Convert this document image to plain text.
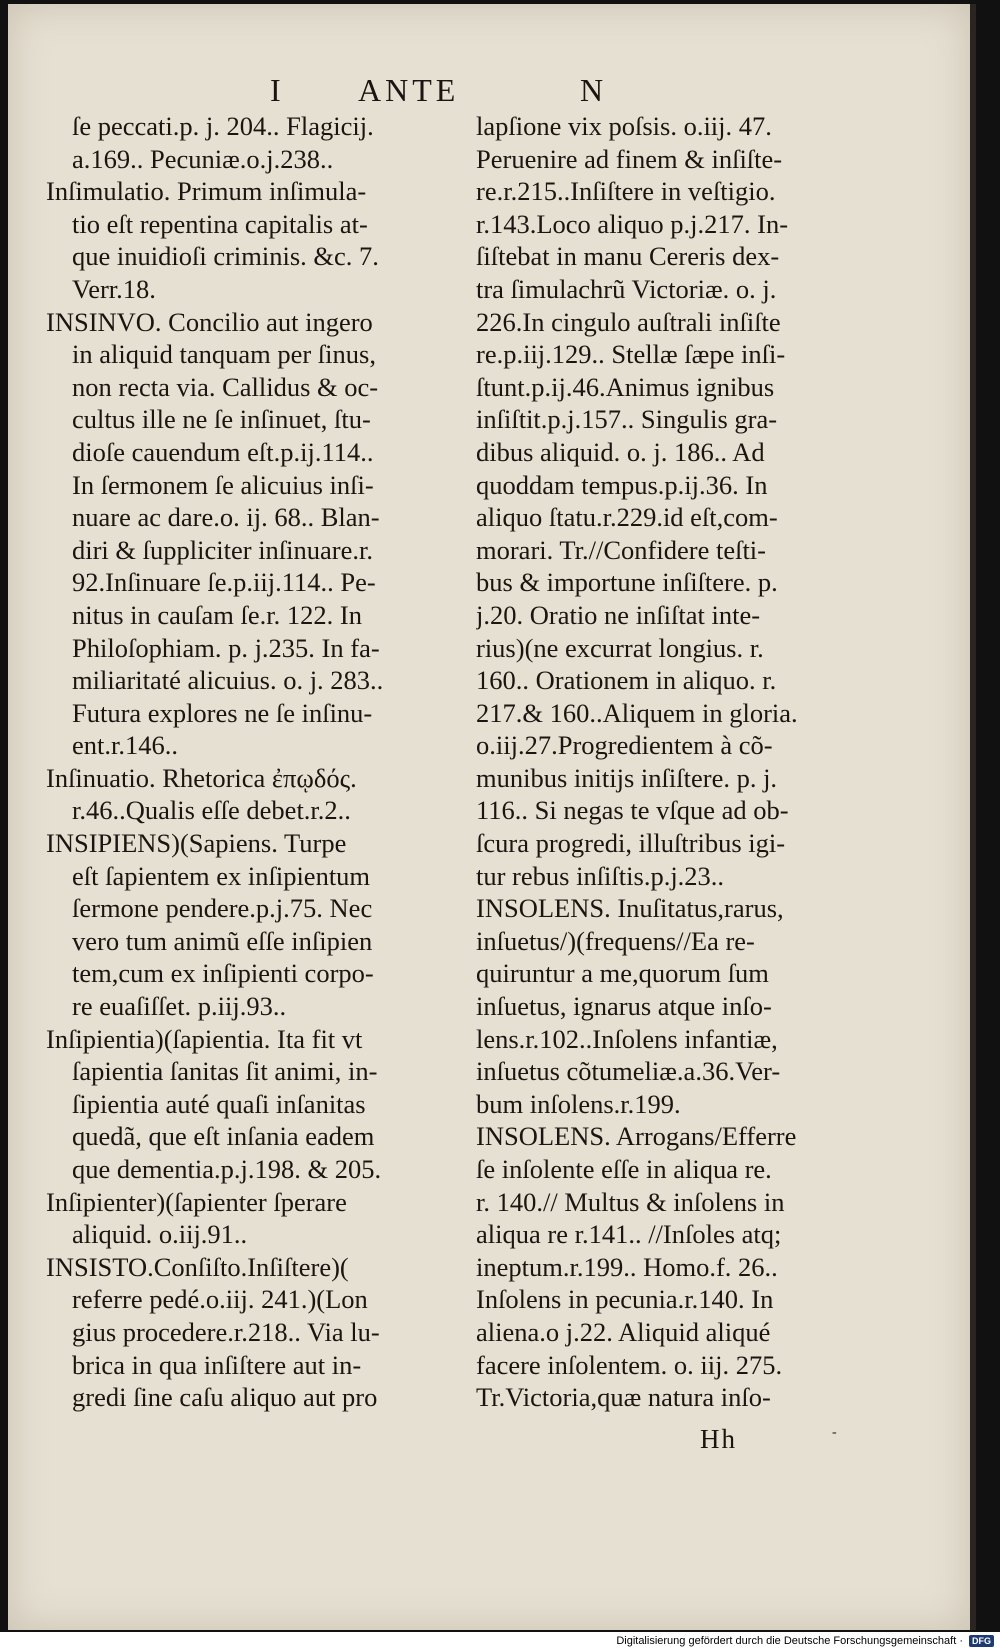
I ANTE	N
ſe peccati.p. j. 204.. Flagicij.
a.169.. Pecuniæ.o.j.238..
Inſimulatio. Primum inſimula-
tio eſt repentina capitalis at-
que inuidioſi criminis. &c. 7.
Verr.18.
INSINVO. Concilio aut ingero
in aliquid tanquam per ſinus,
non recta via. Callidus & oc-
cultus ille ne ſe inſinuet, ſtu-
dioſe cauendum eſt.p.ij.114..
In ſermonem ſe alicuius inſi-
nuare ac dare.o. ij. 68.. Blan-
diri & ſuppliciter inſinuare.r.
92.Inſinuare ſe.p.iij.114.. Pe-
nitus in cauſam ſe.r. 122. In
Philoſophiam. p. j.235. In fa-
miliaritaté alicuius. o. j. 283..
Futura explores ne ſe inſinu-
ent.r.146..
Inſinuatio. Rhetorica ἐπῳδός.
r.46..Qualis eſſe debet.r.2..
INSIPIENS)(Sapiens. Turpe
eſt ſapientem ex inſipientum
ſermone pendere.p.j.75. Nec
vero tum animũ eſſe inſipien
tem,cum ex inſipienti corpo-
re euaſiſſet. p.iij.93..
Inſipientia)(ſapientia. Ita fit vt
ſapientia ſanitas ſit animi, in-
ſipientia auté quaſi inſanitas
quedã, que eſt inſania eadem
que dementia.p.j.198. & 205.
Inſipienter)(ſapienter ſperare
aliquid. o.iij.91..
INSISTO.Conſiſto.Inſiſtere)(
referre pedé.o.iij. 241.)(Lon
gius procedere.r.218.. Via lu-
brica in qua inſiſtere aut in-
gredi ſine caſu aliquo aut pro
lapſione vix poſsis. o.iij. 47.
Peruenire ad finem & inſiſte-
re.r.215..Inſiſtere in veſtigio.
r.143.Loco aliquo p.j.217. In-
ſiſtebat in manu Cereris dex-
tra ſimulachrũ Victoriæ. o. j.
226.In cingulo auſtrali inſiſte
re.p.iij.129.. Stellæ ſæpe inſi-
ſtunt.p.ij.46.Animus ignibus
inſiſtit.p.j.157.. Singulis gra-
dibus aliquid. o. j. 186.. Ad
quoddam tempus.p.ij.36. In
aliquo ſtatu.r.229.id eſt,com-
morari. Tr.//Confidere teſti-
bus & importune inſiſtere. p.
j.20. Oratio ne inſiſtat inte-
rius)(ne excurrat longius. r.
160.. Orationem in aliquo. r.
217.& 160..Aliquem in gloria.
o.iij.27.Progredientem à cõ-
munibus initijs inſiſtere. p. j.
116.. Si negas te vſque ad ob-
ſcura progredi, illuſtribus igi-
tur rebus inſiſtis.p.j.23..
INSOLENS. Inuſitatus,rarus,
inſuetus/)(frequens//Ea re-
quiruntur a me,quorum ſum
inſuetus, ignarus atque inſo-
lens.r.102..Inſolens infantiæ,
inſuetus cõtumeliæ.a.36.Ver-
bum inſolens.r.199.
INSOLENS. Arrogans/Efferre
ſe inſolente eſſe in aliqua re.
r. 140.// Multus & inſolens in
aliqua re r.141.. //Inſoles atq;
ineptum.r.199.. Homo.f. 26..
Inſolens in pecunia.r.140. In
aliena.o j.22. Aliquid aliqué
facere inſolentem. o. iij. 275.
Tr.Victoria,quæ natura inſo-
Hh	-
Digitalisierung gefördert durch die Deutsche Forschungsgemeinschaft ·	DFG
